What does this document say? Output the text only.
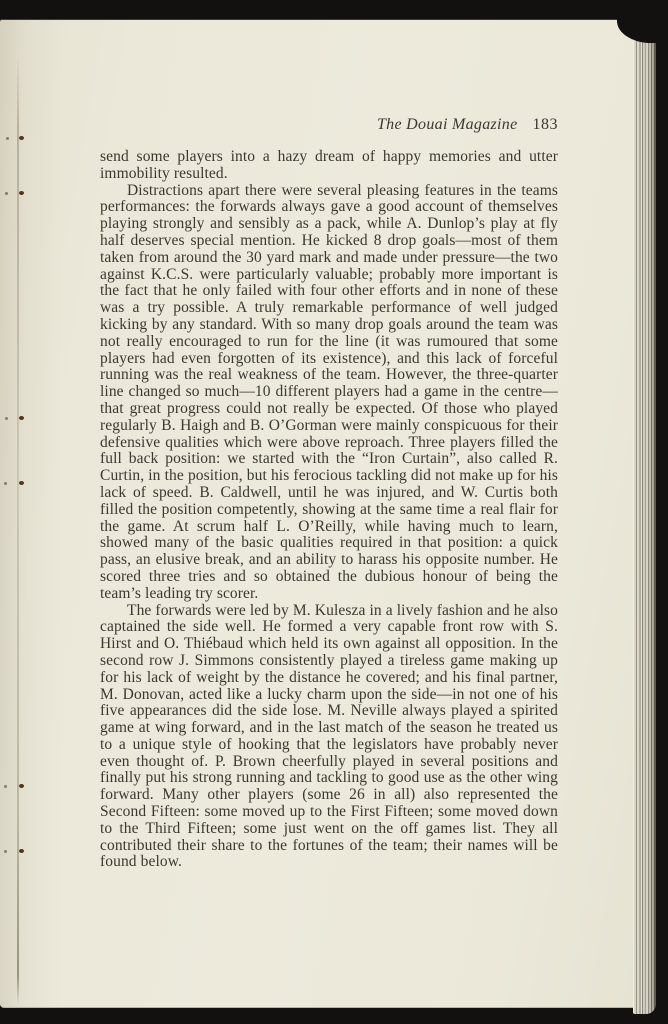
The Douai Magazine 183

send some players into a hazy dream of happy memories and utter immobility resulted.

Distractions apart there were several pleasing features in the teams performances: the forwards always gave a good account of themselves playing strongly and sensibly as a pack, while A. Dunlop’s play at fly half deserves special mention. He kicked 8 drop goals—most of them taken from around the 30 yard mark and made under pressure—the two against K.C.S. were particularly valuable; probably more important is the fact that he only failed with four other efforts and in none of these was a try possible. A truly remarkable performance of well judged kicking by any standard. With so many drop goals around the team was not really encouraged to run for the line (it was rumoured that some players had even forgotten of its existence), and this lack of forceful running was the real weakness of the team. However, the three-quarter line changed so much—10 different players had a game in the centre—that great progress could not really be expected. Of those who played regularly B. Haigh and B. O’Gorman were mainly conspicuous for their defensive qualities which were above reproach. Three players filled the full back position: we started with the “Iron Curtain”, also called R. Curtin, in the position, but his ferocious tackling did not make up for his lack of speed. B. Caldwell, until he was injured, and W. Curtis both filled the position competently, showing at the same time a real flair for the game. At scrum half L. O’Reilly, while having much to learn, showed many of the basic qualities required in that position: a quick pass, an elusive break, and an ability to harass his opposite number. He scored three tries and so obtained the dubious honour of being the team’s leading try scorer.

The forwards were led by M. Kulesza in a lively fashion and he also captained the side well. He formed a very capable front row with S. Hirst and O. Thiébaud which held its own against all opposition. In the second row J. Simmons consistently played a tireless game making up for his lack of weight by the distance he covered; and his final partner, M. Donovan, acted like a lucky charm upon the side—in not one of his five appearances did the side lose. M. Neville always played a spirited game at wing forward, and in the last match of the season he treated us to a unique style of hooking that the legislators have probably never even thought of. P. Brown cheerfully played in several positions and finally put his strong running and tackling to good use as the other wing forward. Many other players (some 26 in all) also represented the Second Fifteen: some moved up to the First Fifteen; some moved down to the Third Fifteen; some just went on the off games list. They all contributed their share to the fortunes of the team; their names will be found below.
